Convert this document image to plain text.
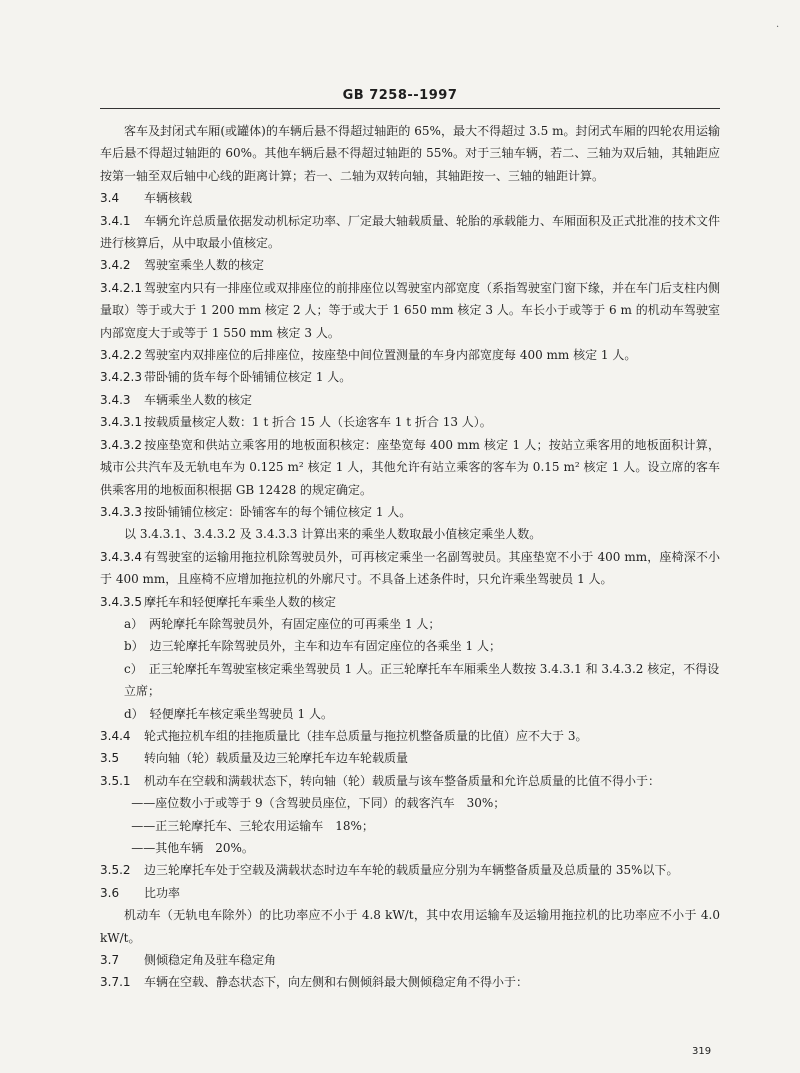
·
GB 7258--1997

客车及封闭式车厢(或罐体)的车辆后悬不得超过轴距的 65%，最大不得超过 3.5 m。封闭式车厢的四轮农用运输车后悬不得超过轴距的 60%。其他车辆后悬不得超过轴距的 55%。对于三轴车辆，若二、三轴为双后轴，其轴距应按第一轴至双后轴中心线的距离计算；若一、二轴为双转向轴，其轴距按一、三轴的轴距计算。

3.4 车辆核载

3.4.1 车辆允许总质量依据发动机标定功率、厂定最大轴载质量、轮胎的承载能力、车厢面积及正式批准的技术文件进行核算后，从中取最小值核定。

3.4.2 驾驶室乘坐人数的核定

3.4.2.1 驾驶室内只有一排座位或双排座位的前排座位以驾驶室内部宽度（系指驾驶室门窗下缘，并在车门后支柱内侧量取）等于或大于 1 200 mm 核定 2 人；等于或大于 1 650 mm 核定 3 人。车长小于或等于 6 m 的机动车驾驶室内部宽度大于或等于 1 550 mm 核定 3 人。

3.4.2.2 驾驶室内双排座位的后排座位，按座垫中间位置测量的车身内部宽度每 400 mm 核定 1 人。

3.4.2.3 带卧铺的货车每个卧铺铺位核定 1 人。

3.4.3 车辆乘坐人数的核定

3.4.3.1 按载质量核定人数：1 t 折合 15 人（长途客车 1 t 折合 13 人）。

3.4.3.2 按座垫宽和供站立乘客用的地板面积核定：座垫宽每 400 mm 核定 1 人；按站立乘客用的地板面积计算，城市公共汽车及无轨电车为 0.125 m² 核定 1 人，其他允许有站立乘客的客车为 0.15 m² 核定 1 人。设立席的客车供乘客用的地板面积根据 GB 12428 的规定确定。

3.4.3.3 按卧铺铺位核定：卧铺客车的每个铺位核定 1 人。

以 3.4.3.1、3.4.3.2 及 3.4.3.3 计算出来的乘坐人数取最小值核定乘坐人数。

3.4.3.4 有驾驶室的运输用拖拉机除驾驶员外，可再核定乘坐一名副驾驶员。其座垫宽不小于 400 mm，座椅深不小于 400 mm，且座椅不应增加拖拉机的外廓尺寸。不具备上述条件时，只允许乘坐驾驶员 1 人。

3.4.3.5 摩托车和轻便摩托车乘坐人数的核定

a）　两轮摩托车除驾驶员外，有固定座位的可再乘坐 1 人；

b）　边三轮摩托车除驾驶员外，主车和边车有固定座位的各乘坐 1 人；

c）　正三轮摩托车驾驶室核定乘坐驾驶员 1 人。正三轮摩托车车厢乘坐人数按 3.4.3.1 和 3.4.3.2 核定，不得设立席；

d）　轻便摩托车核定乘坐驾驶员 1 人。

3.4.4 轮式拖拉机车组的挂拖质量比（挂车总质量与拖拉机整备质量的比值）应不大于 3。

3.5 转向轴（轮）载质量及边三轮摩托车边车轮载质量

3.5.1 机动车在空载和满载状态下，转向轴（轮）载质量与该车整备质量和允许总质量的比值不得小于：

——座位数小于或等于 9（含驾驶员座位，下同）的载客汽车　30%；

——正三轮摩托车、三轮农用运输车　18%；

——其他车辆　20%。

3.5.2 边三轮摩托车处于空载及满载状态时边车车轮的载质量应分别为车辆整备质量及总质量的 35%以下。

3.6 比功率

机动车（无轨电车除外）的比功率应不小于 4.8 kW/t，其中农用运输车及运输用拖拉机的比功率应不小于 4.0 kW/t。

3.7 侧倾稳定角及驻车稳定角

3.7.1 车辆在空载、静态状态下，向左侧和右侧倾斜最大侧倾稳定角不得小于：

319
